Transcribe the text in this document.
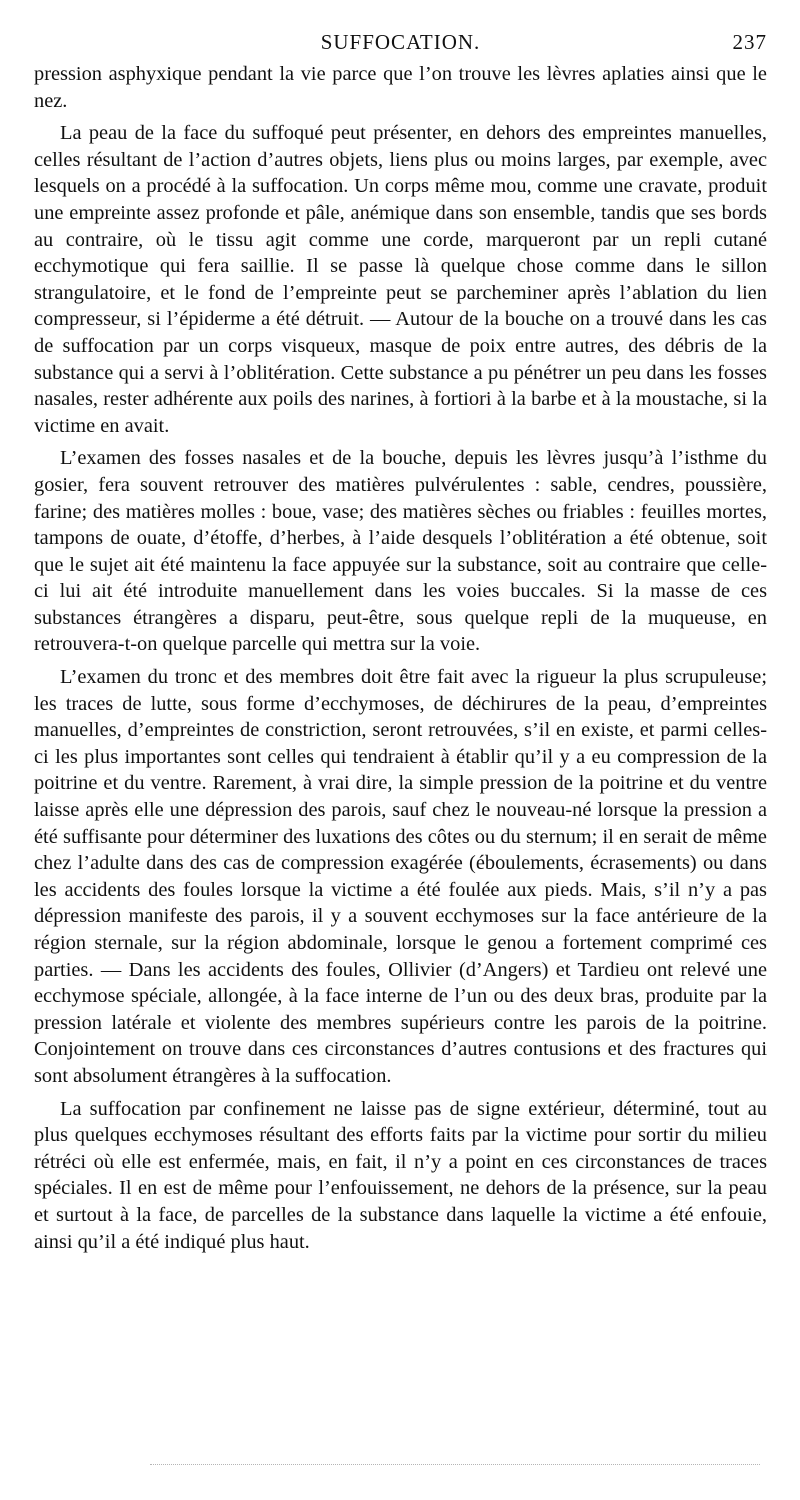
SUFFOCATION.	237

pression asphyxique pendant la vie parce que l’on trouve les lèvres aplaties ainsi que le nez.

La peau de la face du suffoqué peut présenter, en dehors des empreintes manuelles, celles résultant de l’action d’autres objets, liens plus ou moins larges, par exemple, avec lesquels on a procédé à la suffocation. Un corps même mou, comme une cravate, produit une empreinte assez profonde et pâle, anémique dans son ensemble, tandis que ses bords au contraire, où le tissu agit comme une corde, marqueront par un repli cutané ecchymotique qui fera saillie. Il se passe là quelque chose comme dans le sillon strangulatoire, et le fond de l’empreinte peut se parcheminer après l’ablation du lien compresseur, si l’épiderme a été détruit. — Autour de la bouche on a trouvé dans les cas de suffocation par un corps visqueux, masque de poix entre autres, des débris de la substance qui a servi à l’oblitération. Cette substance a pu pénétrer un peu dans les fosses nasales, rester adhérente aux poils des narines, à fortiori à la barbe et à la moustache, si la victime en avait.

L’examen des fosses nasales et de la bouche, depuis les lèvres jusqu’à l’isthme du gosier, fera souvent retrouver des matières pulvérulentes : sable, cendres, poussière, farine; des matières molles : boue, vase; des matières sèches ou friables : feuilles mortes, tampons de ouate, d’étoffe, d’herbes, à l’aide desquels l’oblitération a été obtenue, soit que le sujet ait été maintenu la face appuyée sur la substance, soit au contraire que celle-ci lui ait été introduite manuellement dans les voies buccales. Si la masse de ces substances étrangères a disparu, peut-être, sous quelque repli de la muqueuse, en retrouvera-t-on quelque parcelle qui mettra sur la voie.

L’examen du tronc et des membres doit être fait avec la rigueur la plus scrupuleuse; les traces de lutte, sous forme d’ecchymoses, de déchirures de la peau, d’empreintes manuelles, d’empreintes de constriction, seront retrouvées, s’il en existe, et parmi celles-ci les plus importantes sont celles qui tendraient à établir qu’il y a eu compression de la poitrine et du ventre. Rarement, à vrai dire, la simple pression de la poitrine et du ventre laisse après elle une dépression des parois, sauf chez le nouveau-né lorsque la pression a été suffisante pour déterminer des luxations des côtes ou du sternum; il en serait de même chez l’adulte dans des cas de compression exagérée (éboulements, écrasements) ou dans les accidents des foules lorsque la victime a été foulée aux pieds. Mais, s’il n’y a pas dépression manifeste des parois, il y a souvent ecchymoses sur la face antérieure de la région sternale, sur la région abdominale, lorsque le genou a fortement comprimé ces parties. — Dans les accidents des foules, Ollivier (d’Angers) et Tardieu ont relevé une ecchymose spéciale, allongée, à la face interne de l’un ou des deux bras, produite par la pression latérale et violente des membres supérieurs contre les parois de la poitrine. Conjointement on trouve dans ces circonstances d’autres contusions et des fractures qui sont absolument étrangères à la suffocation.

La suffocation par confinement ne laisse pas de signe extérieur, déterminé, tout au plus quelques ecchymoses résultant des efforts faits par la victime pour sortir du milieu rétréci où elle est enfermée, mais, en fait, il n’y a point en ces circonstances de traces spéciales. Il en est de même pour l’enfouissement, ne dehors de la présence, sur la peau et surtout à la face, de parcelles de la substance dans laquelle la victime a été enfouie, ainsi qu’il a été indiqué plus haut.
